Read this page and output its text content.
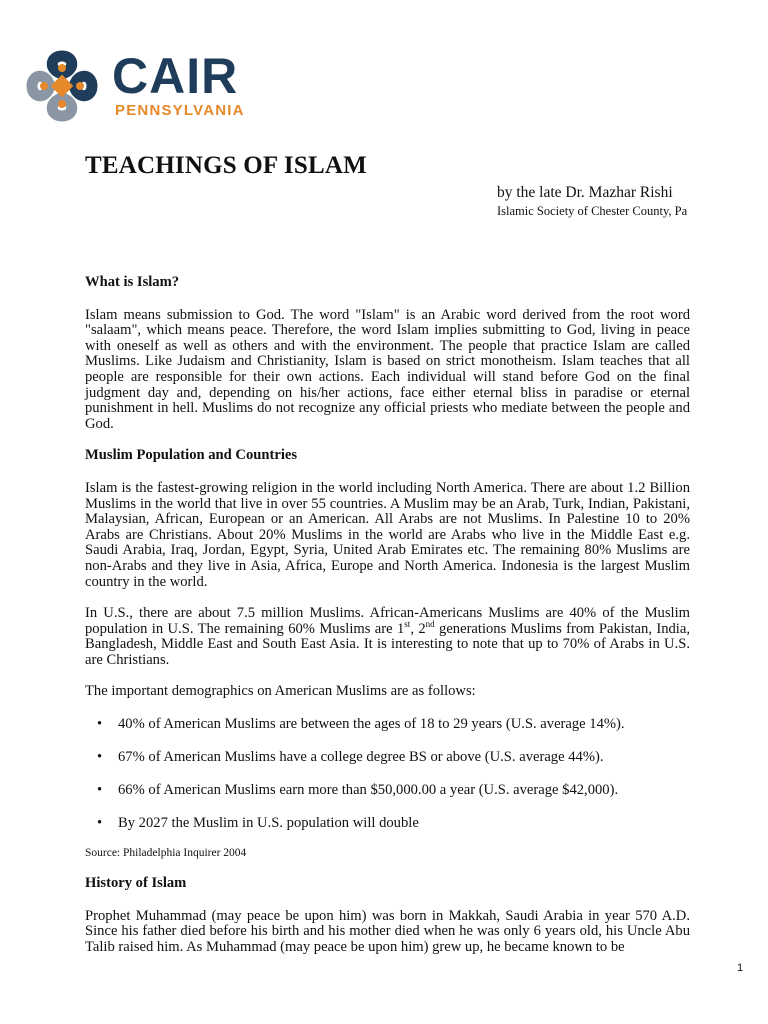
CAIR
PENNSYLVANIA
TEACHINGS OF ISLAM
by the late Dr. Mazhar Rishi
Islamic Society of Chester County, Pa
What is Islam?

Islam means submission to God. The word "Islam" is an Arabic word derived from the root word "salaam", which means peace. Therefore, the word Islam implies submitting to God, living in peace with oneself as well as others and with the environment. The people that practice Islam are called Muslims. Like Judaism and Christianity, Islam is based on strict monotheism. Islam teaches that all people are responsible for their own actions. Each individual will stand before God on the final judgment day and, depending on his/her actions, face either eternal bliss in paradise or eternal punishment in hell. Muslims do not recognize any official priests who mediate between the people and God.

Muslim Population and Countries

Islam is the fastest-growing religion in the world including North America. There are about 1.2 Billion Muslims in the world that live in over 55 countries. A Muslim may be an Arab, Turk, Indian, Pakistani, Malaysian, African, European or an American. All Arabs are not Muslims. In Palestine 10 to 20% Arabs are Christians. About 20% Muslims in the world are Arabs who live in the Middle East e.g. Saudi Arabia, Iraq, Jordan, Egypt, Syria, United Arab Emirates etc. The remaining 80% Muslims are non-Arabs and they live in Asia, Africa, Europe and North America. Indonesia is the largest Muslim country in the world.

In U.S., there are about 7.5 million Muslims. African-Americans Muslims are 40% of the Muslim population in U.S. The remaining 60% Muslims are 1st, 2nd generations Muslims from Pakistan, India, Bangladesh, Middle East and South East Asia. It is interesting to note that up to 70% of Arabs in U.S. are Christians.

The important demographics on American Muslims are as follows:

• 40% of American Muslims are between the ages of 18 to 29 years (U.S. average 14%).
• 67% of American Muslims have a college degree BS or above (U.S. average 44%).
• 66% of American Muslims earn more than $50,000.00 a year (U.S. average $42,000).
• By 2027 the Muslim in U.S. population will double
Source: Philadelphia Inquirer 2004
History of Islam

Prophet Muhammad (may peace be upon him) was born in Makkah, Saudi Arabia in year 570 A.D. Since his father died before his birth and his mother died when he was only 6 years old, his Uncle Abu Talib raised him. As Muhammad (may peace be upon him) grew up, he became known to be

1
